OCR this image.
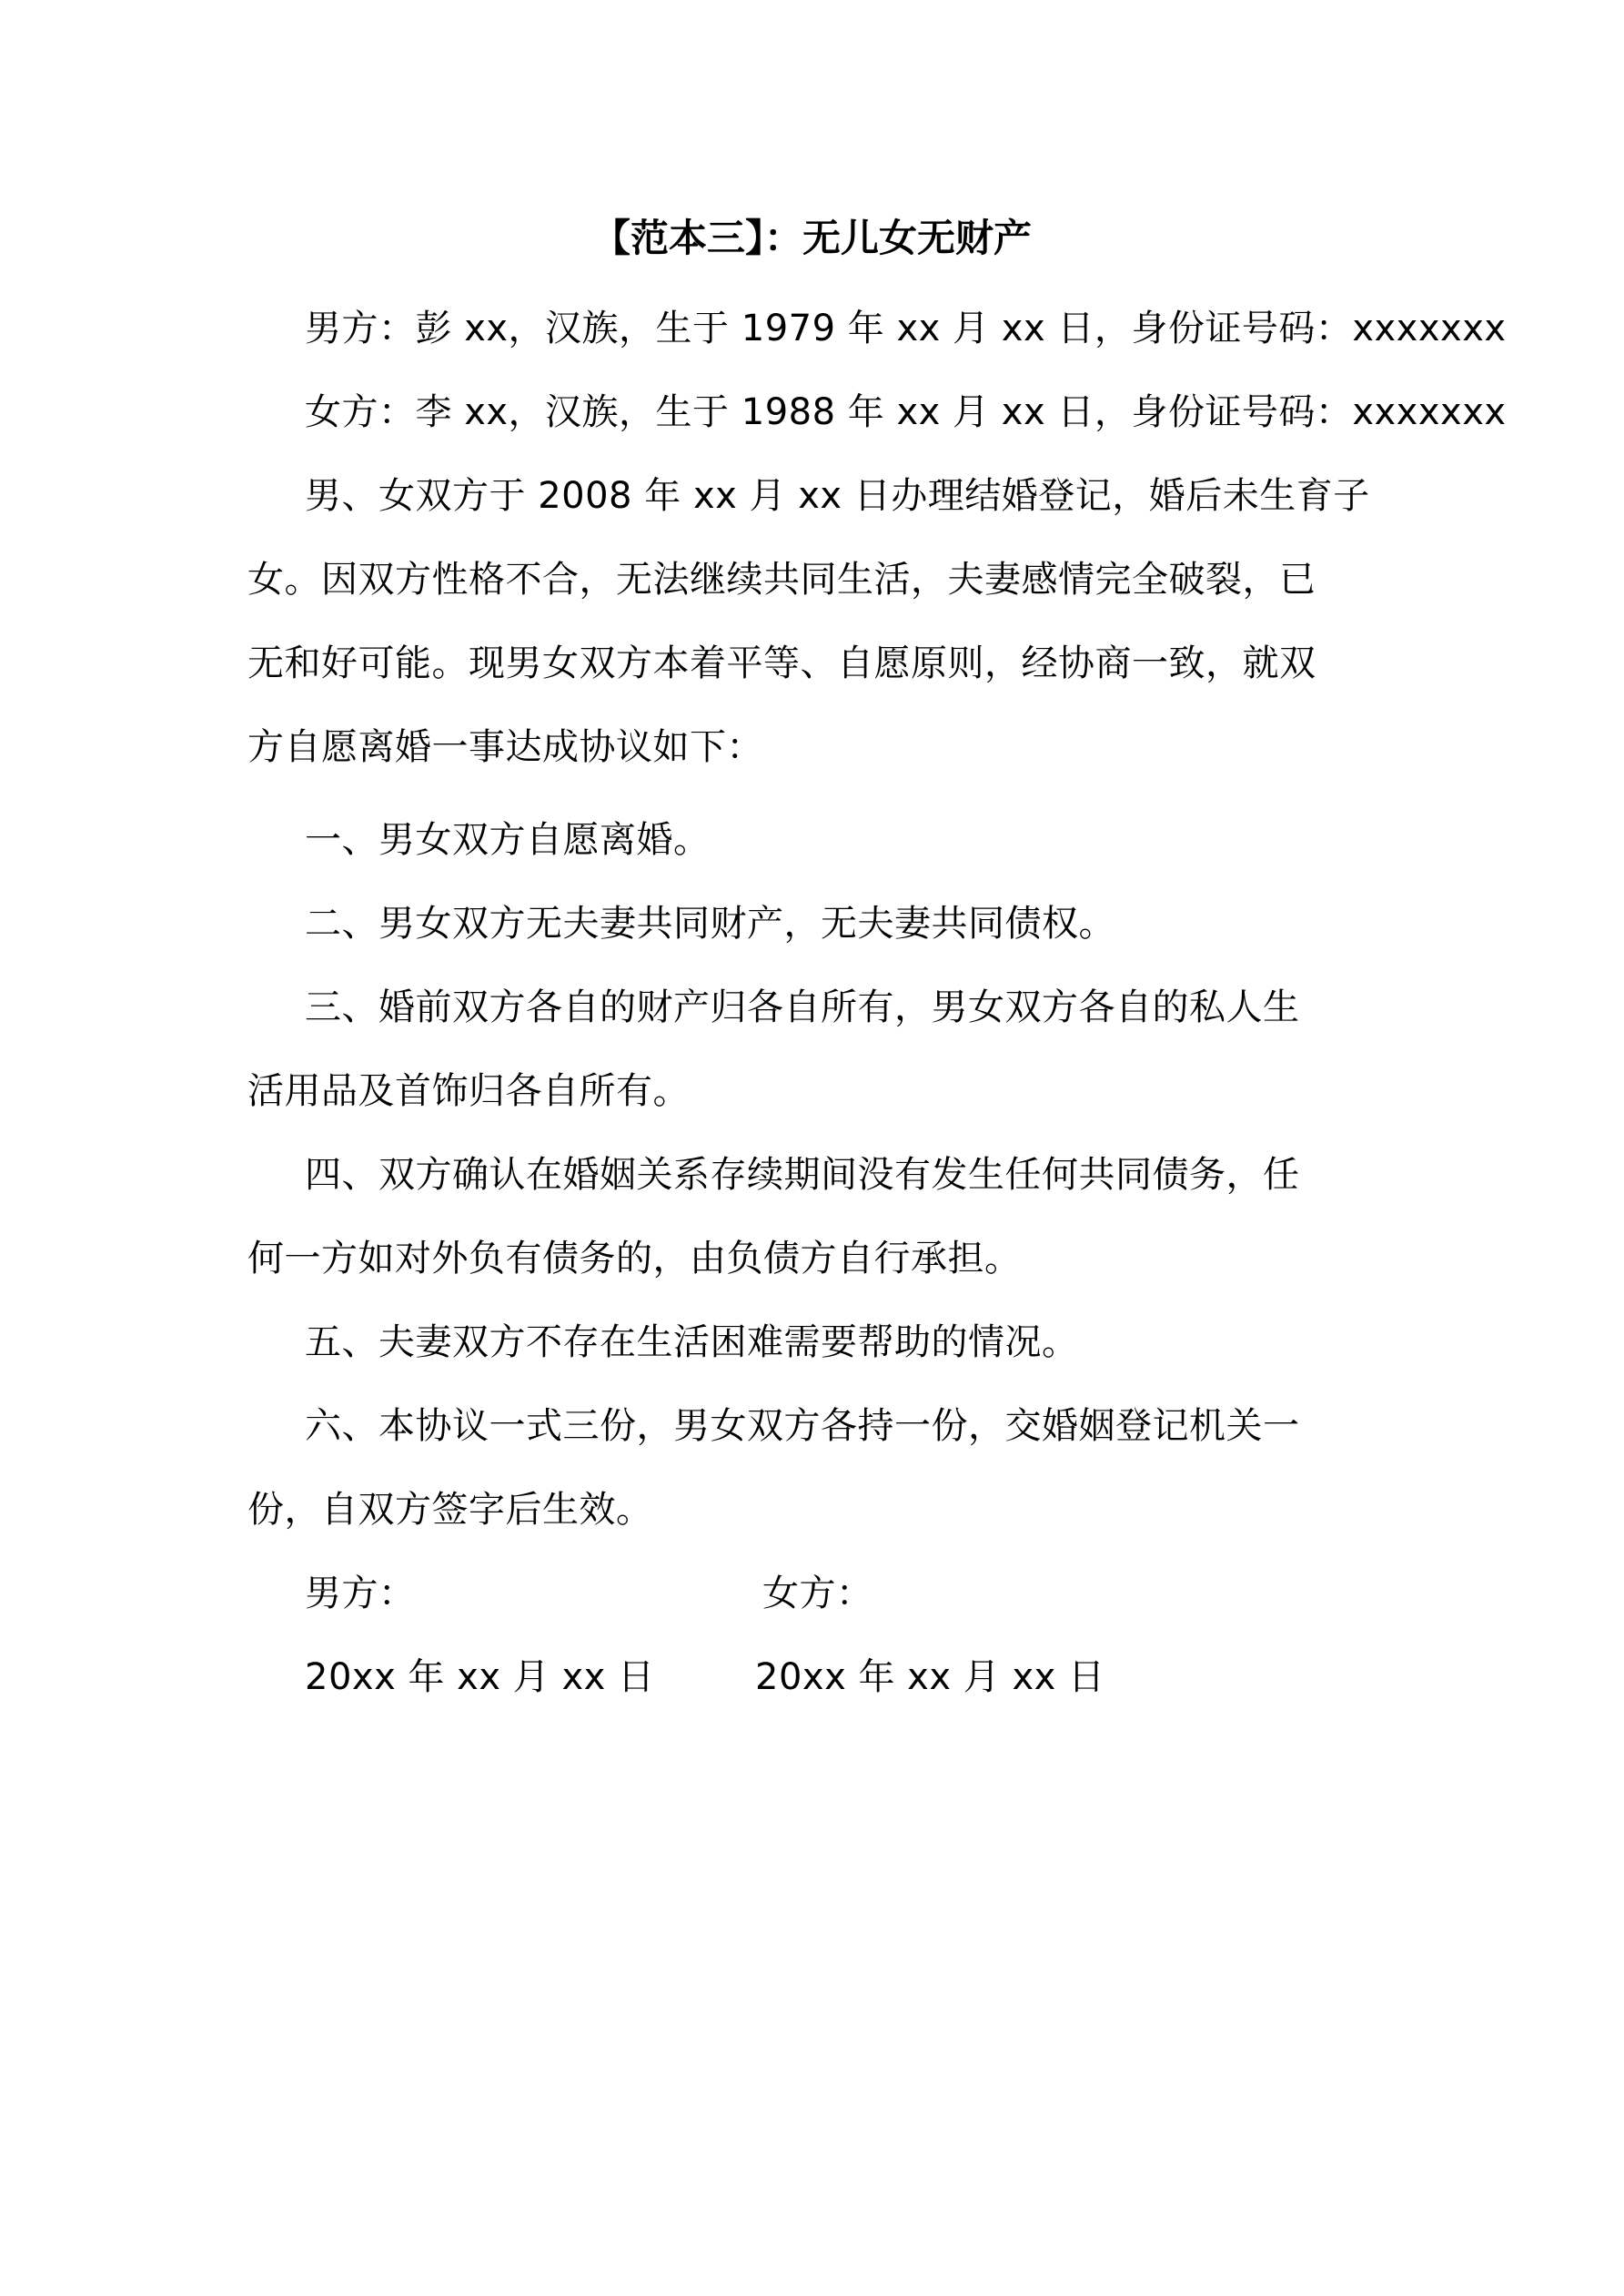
【范本三】：无儿女无财产
男方：彭 xx，汉族，生于 1979 年 xx 月 xx 日，身份证号码：xxxxxxx
女方：李 xx，汉族，生于 1988 年 xx 月 xx 日，身份证号码：xxxxxxx
男、女双方于 2008 年 xx 月 xx 日办理结婚登记，婚后未生育子
女。因双方性格不合，无法继续共同生活，夫妻感情完全破裂，已
无和好可能。现男女双方本着平等、自愿原则，经协商一致，就双
方自愿离婚一事达成协议如下：
一、男女双方自愿离婚。
二、男女双方无夫妻共同财产，无夫妻共同债权。
三、婚前双方各自的财产归各自所有，男女双方各自的私人生
活用品及首饰归各自所有。
四、双方确认在婚姻关系存续期间没有发生任何共同债务，任
何一方如对外负有债务的，由负债方自行承担。
五、夫妻双方不存在生活困难需要帮助的情况。
六、本协议一式三份，男女双方各持一份，交婚姻登记机关一
份，自双方签字后生效。
男方：	女方：
20xx 年 xx 月 xx 日	20xx 年 xx 月 xx 日
